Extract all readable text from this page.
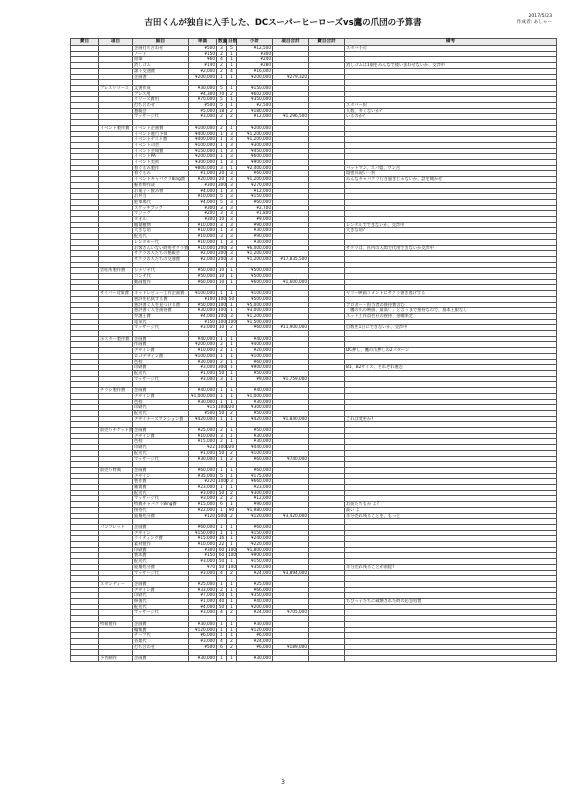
吉田くんが独自に入手した、DCスーパーヒーローズvs鷹の爪団の予算書
2017/5/23
作成者: あしゃー
費目	項目	細目	単価	数量	日数	小計	項目合計	費目合計	備考
		企画打ち合わせ	¥500	3	5	¥12,500			スタバ不可
		ノート	¥150	2	1	¥300			
		鉛筆	¥60	4	1	¥240			
		消しゴム	¥140	2	1	¥280			消しゴムは1個をみんなで使いまわせないか、交渉中
		諸々交通費	¥2,000	2	4	¥16,000			
		企画書	¥200,000	1	1	¥200,000	¥279,320		

	プレスリリース	文書作成	¥30,000	5	1	¥150,000			
		プレス用	¥4,300	70	2	¥602,000			
		リリース費用	¥70,000	5	1	¥350,000			
		打ち合わせ	¥500	5	1	¥2,500			スタバー択
		懇親会	¥5,000	18	2	¥180,000			人数、多くないか?
		マッサージ代	¥3,000	2	2	¥12,000	¥1,296,500		いるのか?

	イベント製作費	イベント企画費	¥100,000	2	1	¥200,000			
		イベント進行予算	¥400,000	1	3	¥1,200,000			
		イベントゲスト費	¥400,000	1	3	¥1,200,000			
		イベント司会	¥100,000	1	3	¥300,000			
		イベント会場費	¥150,000	1	3	¥450,000			
		イベントPA	¥200,000	1	3	¥600,000			
		イベント美術	¥300,000	1	3	¥900,000			
		着ぐるみ製作	¥800,000	3	1	¥2,400,000			バットマン、スパ姐、ワン吉
		着ぐるみ	¥1,000	20	3	¥60,000			隠密具現い一択
		イベントキャバクラ8ing費	¥20,000	20	3	¥1,200,000			みんなキャバクラ行き過ぎじゃないか、話を聞かせ
		軽作物作成	¥300	300	3	¥270,000			
		お菓子・飲み物	¥4,000	1	3	¥12,000			
		お弁当	¥10,000	5	3	¥150,000			
		駐車場代	¥4,000	5	3	¥60,000			
		スケッチブック	¥300	3	3	¥2,700			
		マジック	¥200	3	3	¥1,800			
		タオル	¥300	10	3	¥9,000			
		観葉植物	¥10,000	3	3	¥90,000			レンタルでできないか、交渉中
		大きな扇	¥10,000	1	3	¥30,000			大きな扇?
		配送代	¥10,000	3	3	¥90,000			
		レンタカー代	¥10,000	1	3	¥30,000			
		お客さんいない時用サクラ費	¥10,000	200	3	¥6,000,000			サクラは、社内の人間で代用できないか交渉中
		サクラの人たちの懇親会	¥2,000	200	3	¥1,200,000			
		サクラの人たちの交通費	¥2,000	200	3	¥1,200,000	¥17,835,500		

	雲吐所製作費	シナリオ代	¥50,000	10	1	¥500,000			
		コンテ代	¥50,000	10	1	¥500,000			
		動画製作	¥60,000	10	1	¥600,000	¥1,600,000		

	サイバー対策費	ネットレビュー工作企画費	¥100,000	1	1	¥100,000			ヤフー映画コメントにサクラ書き逃げする
		悪評を払拭する費	¥100	100	50	¥500,000			
		悪評書く人を見つける費	¥50,000	100	1	¥5,000,000			ブロガー・担当者の接待費含む
		悪評書く人を接待費	¥30,000	100	1	¥3,000,000			「鷹の爪の映画、最高！」と言うまで接待なので、基本上限なし
		弁護士費	¥4,000	100	3	¥1,200,000			ネット工作員会社の接待、金曜来定
		電気代	¥150	100	100	¥1,500,000			
		マッサージ代	¥3,000	10	2	¥60,000	¥11,900,000		目数を1日にできないか、交渉中

	ポスター製作費	企画費	¥40,000	1	1	¥40,000			
		作画費	¥200,000	2	1	¥400,000			
		デザイン費	¥10,000	2	1	¥20,000			DC押し、鷹の爪押しの2パターン
		ロゴデザイン費	¥100,000	1	1	¥100,000			
		色校	¥30,000	2	1	¥60,000			
		印刷費	¥3,000	300	1	¥900,000			B1、B2サイズ、それぞれ進む
		配送代	¥1,000	50	1	¥50,000			
		マッサージ代	¥3,000	3	1	¥9,000	¥1,759,000		

	チラシ製作費	企画費	¥40,000	1	1	¥40,000			
		デザイン費	¥1,000,000	1	1	¥1,000,000			
		色校	¥30,000	1	1	¥30,000			
		印刷代	¥15	1000	20	¥300,000			
		配送代	¥500	50	2	¥50,000			
		デザイナーズマンション費	¥420,000	1	1	¥420,000	¥1,840,000		これは変更か?

	前売りチケット費	企画費	¥25,000	2	1	¥50,000			
		デザイン費	¥10,000	3	1	¥30,000			
		色校	¥15,000	2	1	¥30,000			
		印刷代	¥22	1000	20	¥440,000			
		配送代	¥1,000	50	2	¥100,000			
		マッサージ代	¥30,000	1	2	¥60,000	¥740,000		

	前売り特典	企画費	¥60,000	1	1	¥60,000			
		デザイン	¥35,000	5	1	¥175,000			
		製作費	¥220	1000	3	¥660,000			
		雑貨費	¥23,000	1	1	¥23,000			
		配送代	¥3,000	50	2	¥300,000			
		マッサージ代	¥3,000	2	2	¥12,000			
		特典キャバクラ8ing費	¥15,000	6	1	¥90,000			お前たちもか よ?
		接待代	¥22,000	1	90	¥1,980,000			高い よ
		廃棄処分費	¥120	500	2	¥120,000	¥3,420,000		半分売れ残ることを、もっと

	パンフレット	企画費	¥60,000	1	1	¥60,000			
		デザイン	¥150,000	1	1	¥150,000			
		ライティング費	¥15,000	16	1	¥240,000			
		素材製作	¥10,000	22	1	¥220,000			
		印刷費	¥300	60	100	¥1,800,000			
		製本費	¥150	60	100	¥900,000			
		配送代	¥3,000	50	1	¥150,000			
		廃棄処分費	¥70	50	100	¥350,000			半分売れ残ることが前提?
		マッサージ代	¥3,000	4	2	¥24,000	¥3,894,000		

	スタンディー	企画費	¥25,000	1	1	¥25,000			
		デザイン費	¥33,000	2	1	¥66,000			
		印刷代	¥7,000	50	1	¥350,000			
		修復代	¥1,000	40	1	¥40,000			ちびっ子たちに破壊された時の応急処置
		配送代	¥4,000	50	1	¥200,000			
		マッサージ代	¥3,000	4	2	¥24,000	¥705,000		

	特報製作	企画費	¥30,000	1	1	¥30,000			
		編集費	¥120,000	1	1	¥120,000			
		テープ代	¥6,000	1	1	¥6,000			
		音楽代	¥3,000	4	2	¥24,000			
		打ち合わせ	¥500	6	2	¥6,000	¥189,000		

	予告制作	企画費	¥30,000	1	1	¥30,000			
3
